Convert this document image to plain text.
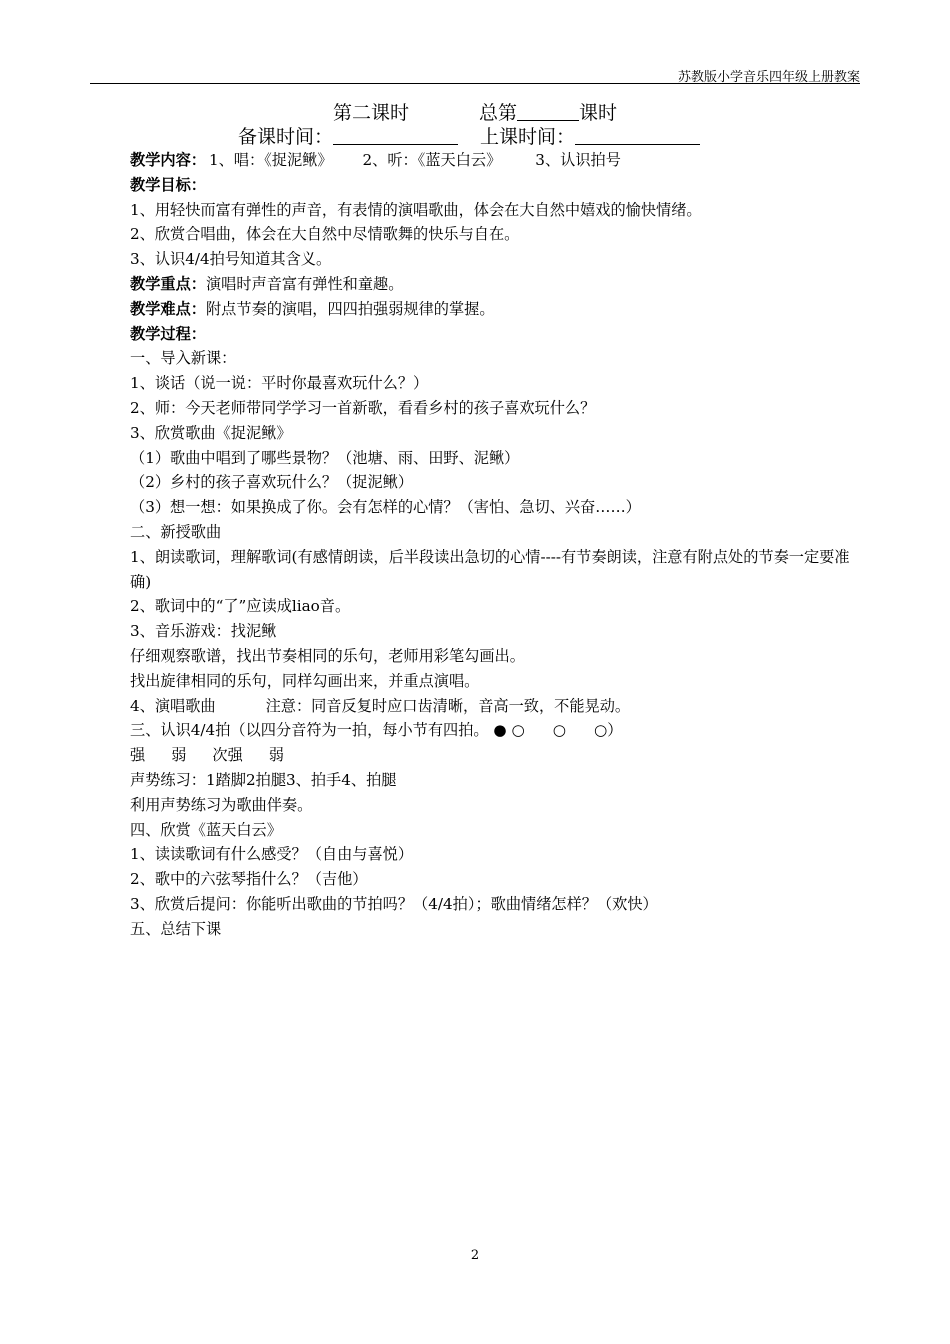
苏教版小学音乐四年级上册教案
第二课时	总第	课时
备课时间：	上课时间：
教学内容： 1、唱：《捉泥鳅》 2、听：《蓝天白云》 3、认识拍号
教学目标：
1、用轻快而富有弹性的声音，有表情的演唱歌曲，体会在大自然中嬉戏的愉快情绪。
2、欣赏合唱曲，体会在大自然中尽情歌舞的快乐与自在。
3、认识4/4拍号知道其含义。
教学重点：演唱时声音富有弹性和童趣。
教学难点：附点节奏的演唱，四四拍强弱规律的掌握。
教学过程：
一、导入新课：
1、谈话（说一说：平时你最喜欢玩什么？）
2、师：今天老师带同学学习一首新歌，看看乡村的孩子喜欢玩什么？
3、欣赏歌曲《捉泥鳅》
（1）歌曲中唱到了哪些景物？（池塘、雨、田野、泥鳅）
（2）乡村的孩子喜欢玩什么？（捉泥鳅）
（3）想一想：如果换成了你。会有怎样的心情？（害怕、急切、兴奋……）
二、新授歌曲
1、朗读歌词，理解歌词(有感情朗读，后半段读出急切的心情----有节奏朗读，注意有附点处的节奏一定要准确)
2、歌词中的“了”应读成liao音。
3、音乐游戏：找泥鳅
仔细观察歌谱，找出节奏相同的乐句，老师用彩笔勾画出。
找出旋律相同的乐句，同样勾画出来，并重点演唱。
4、演唱歌曲	注意：同音反复时应口齿清晰，音高一致，不能晃动。
三、认识4/4拍（以四分音符为一拍，每小节有四拍。 ● ○ ○ ○）
强 弱 次强 弱
声势练习：1踏脚2拍腿3、拍手4、拍腿
利用声势练习为歌曲伴奏。
四、欣赏《蓝天白云》
1、读读歌词有什么感受？（自由与喜悦）
2、歌中的六弦琴指什么？（吉他）
3、欣赏后提问：你能听出歌曲的节拍吗？（4/4拍）；歌曲情绪怎样？（欢快）
五、总结下课
2
